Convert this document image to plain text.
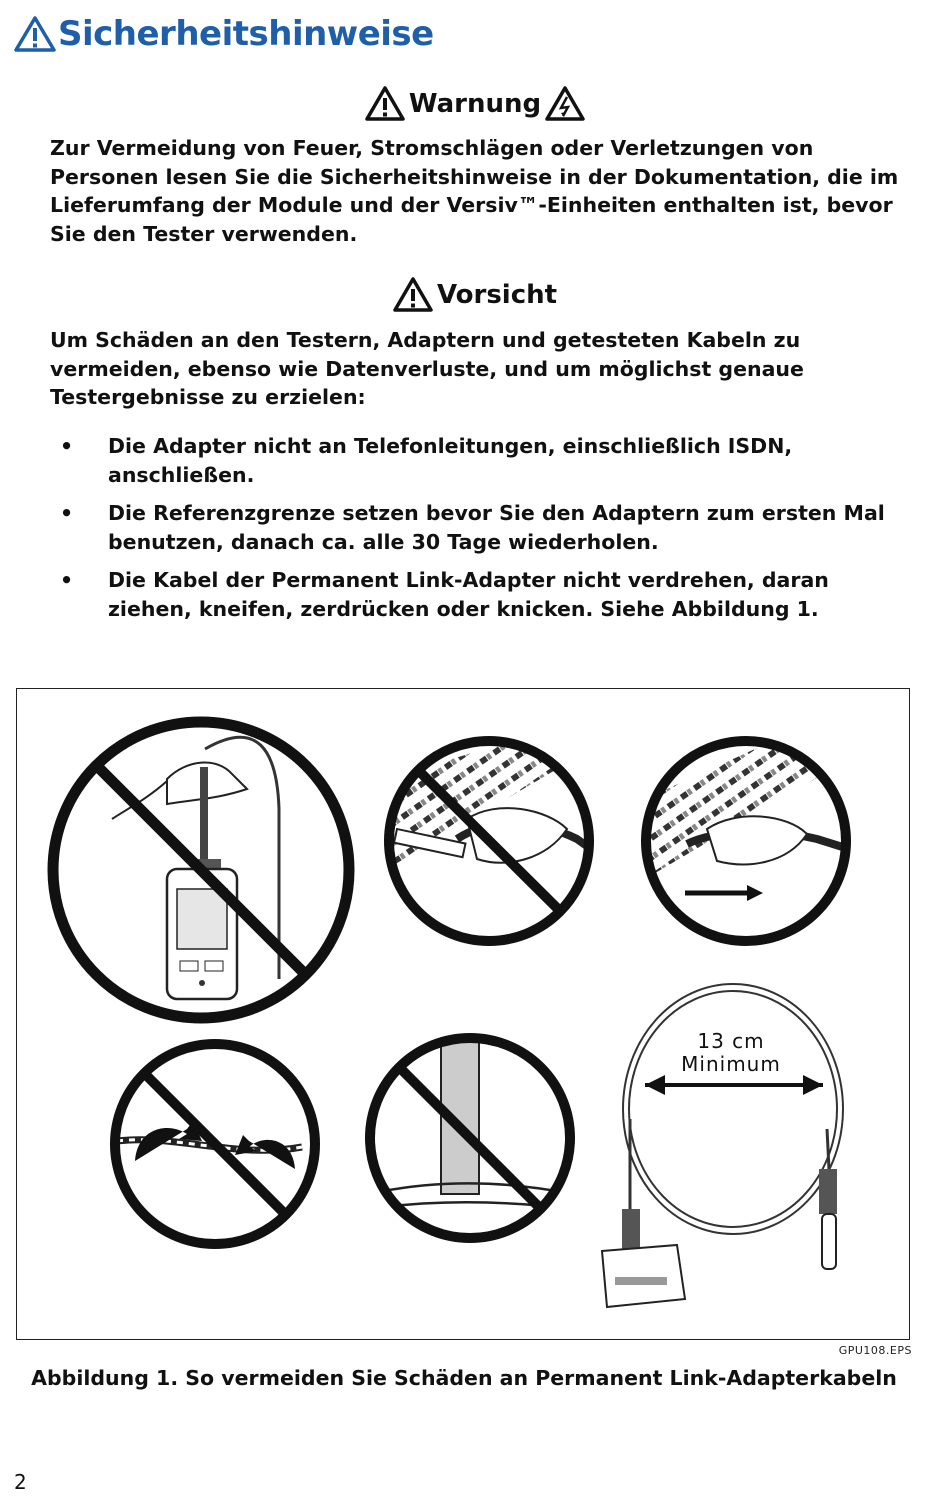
Sicherheitshinweise
Warnung

Zur Vermeidung von Feuer, Stromschlägen oder Verletzungen von Personen lesen Sie die Sicherheitshinweise in der Dokumentation, die im Lieferumfang der Module und der Versiv™-Einheiten enthalten ist, bevor Sie den Tester verwenden.

Vorsicht

Um Schäden an den Testern, Adaptern und getesteten Kabeln zu vermeiden, ebenso wie Datenverluste, und um möglichst genaue Testergebnisse zu erzielen:

• Die Adapter nicht an Telefonleitungen, einschließlich ISDN, anschließen.
• Die Referenzgrenze setzen bevor Sie den Adaptern zum ersten Mal benutzen, danach ca. alle 30 Tage wiederholen.
• Die Kabel der Permanent Link-Adapter nicht verdrehen, daran ziehen, kneifen, zerdrücken oder knicken. Siehe Abbildung 1.
13 cm
Minimum
GPU108.EPS
Abbildung 1. So vermeiden Sie Schäden an Permanent Link-Adapterkabeln
2
